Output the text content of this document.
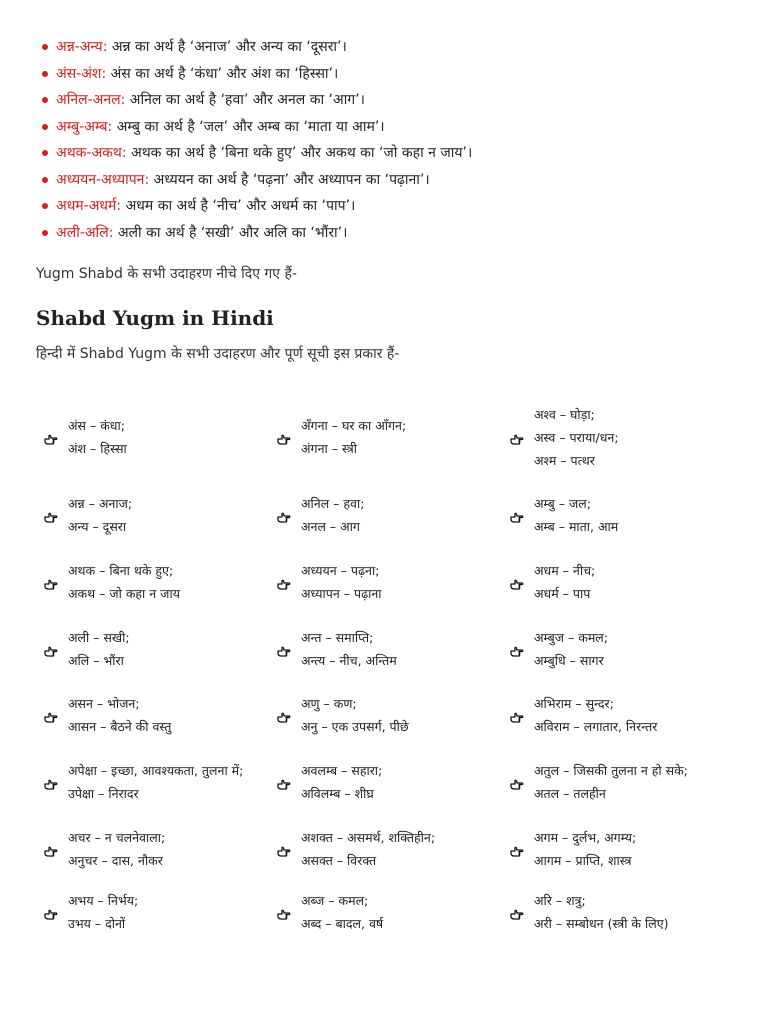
अन्न-अन्य: अन्न का अर्थ है ‘अनाज’ और अन्य का ‘दूसरा’।
अंस-अंश: अंस का अर्थ है ‘कंधा’ और अंश का ‘हिस्सा’।
अनिल-अनल: अनिल का अर्थ है ‘हवा’ और अनल का ‘आग’।
अम्बु-अम्ब: अम्बु का अर्थ है ‘जल’ और अम्ब का ‘माता या आम’।
अथक-अकथ: अथक का अर्थ है ‘बिना थके हुए’ और अकथ का ‘जो कहा न जाय’।
अध्ययन-अध्यापन: अध्ययन का अर्थ है ‘पढ़ना’ और अध्यापन का ‘पढ़ाना’।
अधम-अधर्म: अधम का अर्थ है ‘नीच’ और अधर्म का ‘पाप’।
अली-अलि: अली का अर्थ है ‘सखी’ और अलि का ‘भौंरा’।
Yugm Shabd के सभी उदाहरण नीचे दिए गए हैं-
Shabd Yugm in Hindi
हिन्दी में Shabd Yugm के सभी उदाहरण और पूर्ण सूची इस प्रकार हैं-
अंस – कंधा;
अंश – हिस्सा
अँगना – घर का आँगन;
अंगना – स्त्री
अश्व – घोड़ा;
अस्व – पराया/धन;
अश्म – पत्थर
अन्न – अनाज;
अन्य – दूसरा
अनिल – हवा;
अनल – आग
अम्बु – जल;
अम्ब – माता, आम
अथक – बिना थके हुए;
अकथ – जो कहा न जाय
अध्ययन – पढ़ना;
अध्यापन – पढ़ाना
अधम – नीच;
अधर्म – पाप
अली – सखी;
अलि – भौंरा
अन्त – समाप्ति;
अन्त्य – नीच, अन्तिम
अम्बुज – कमल;
अम्बुधि – सागर
असन – भोजन;
आसन – बैठने की वस्तु
अणु – कण;
अनु – एक उपसर्ग, पीछे
अभिराम – सुन्दर;
अविराम – लगातार, निरन्तर
अपेक्षा – इच्छा, आवश्यकता, तुलना में;
उपेक्षा – निरादर
अवलम्ब – सहारा;
अविलम्ब – शीघ्र
अतुल – जिसकी तुलना न हो सके;
अतल – तलहीन
अचर – न चलनेवाला;
अनुचर – दास, नौकर
अशक्त – असमर्थ, शक्तिहीन;
असक्त – विरक्त
अगम – दुर्लभ, अगम्य;
आगम – प्राप्ति, शास्त्र
अभय – निर्भय;
उभय – दोनों
अब्ज – कमल;
अब्द – बादल, वर्ष
अरि – शत्रु;
अरी – सम्बोधन (स्त्री के लिए)
